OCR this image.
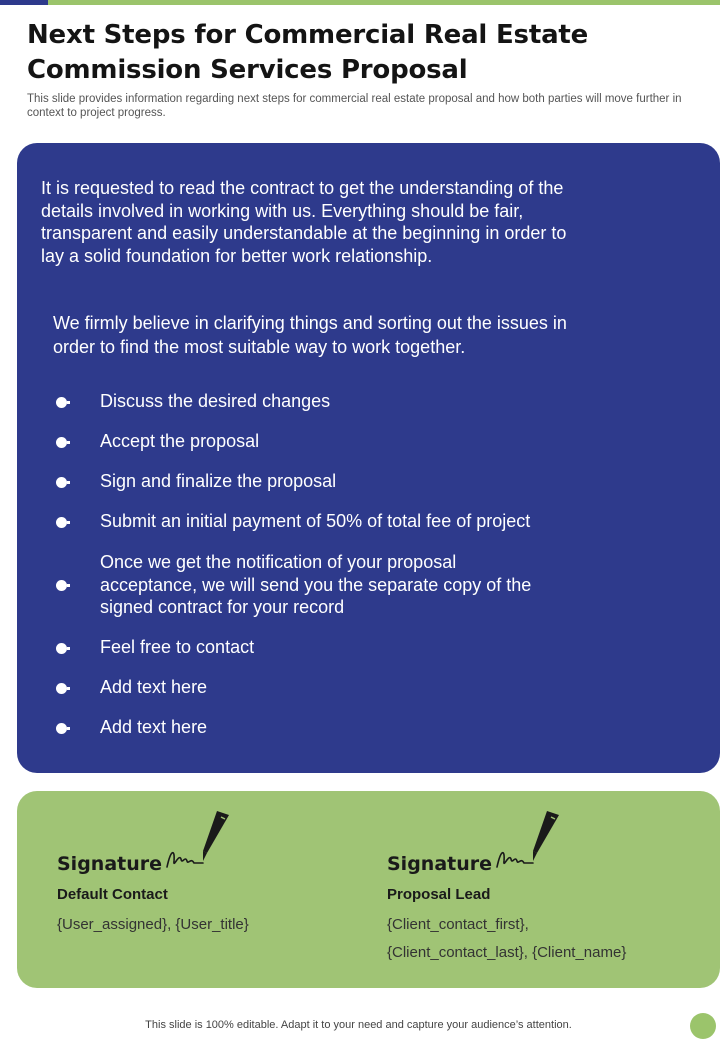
Next Steps for Commercial Real Estate Commission Services Proposal
This slide provides information regarding next steps for commercial real estate proposal and how both parties will move further in context to project progress.
It is requested to read the contract to get the understanding of the details involved in working with us. Everything should be fair, transparent and easily understandable at the beginning in order to lay a solid foundation for better work relationship.
We firmly believe in clarifying things and sorting out the issues in order to find the most suitable way to work together.
Discuss the desired changes
Accept the proposal
Sign and finalize the proposal
Submit an initial payment of 50% of total fee of project
Once we get the notification of your proposal acceptance, we will send you the separate copy of the signed contract for your record
Feel free to contact
Add text here
Add text here
Signature
Default Contact
{User_assigned}, {User_title}
Signature
Proposal Lead
{Client_contact_first},
{Client_contact_last}, {Client_name}
This slide is 100% editable. Adapt it to your need and capture your audience’s attention.
